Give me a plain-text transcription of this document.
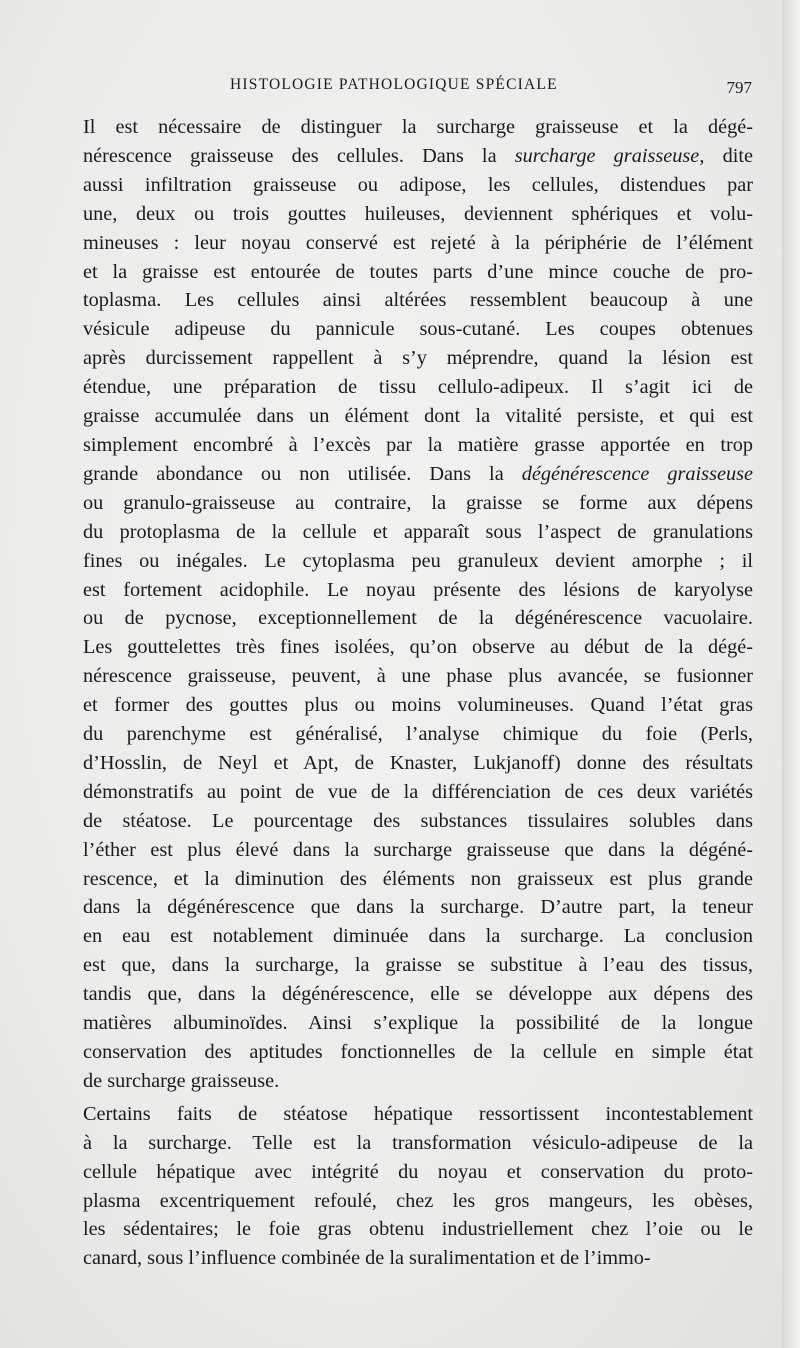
HISTOLOGIE PATHOLOGIQUE SPÉCIALE	797

Il est nécessaire de distinguer la surcharge graisseuse et la dégé-
nérescence graisseuse des cellules. Dans la surcharge graisseuse, dite
aussi infiltration graisseuse ou adipose, les cellules, distendues par
une, deux ou trois gouttes huileuses, deviennent sphériques et volu-
mineuses : leur noyau conservé est rejeté à la périphérie de l’élément
et la graisse est entourée de toutes parts d’une mince couche de pro-
toplasma. Les cellules ainsi altérées ressemblent beaucoup à une
vésicule adipeuse du pannicule sous-cutané. Les coupes obtenues
après durcissement rappellent à s’y méprendre, quand la lésion est
étendue, une préparation de tissu cellulo-adipeux. Il s’agit ici de
graisse accumulée dans un élément dont la vitalité persiste, et qui est
simplement encombré à l’excès par la matière grasse apportée en trop
grande abondance ou non utilisée. Dans la dégénérescence graisseuse
ou granulo-graisseuse au contraire, la graisse se forme aux dépens
du protoplasma de la cellule et apparaît sous l’aspect de granulations
fines ou inégales. Le cytoplasma peu granuleux devient amorphe ; il
est fortement acidophile. Le noyau présente des lésions de karyolyse
ou de pycnose, exceptionnellement de la dégénérescence vacuolaire.
Les gouttelettes très fines isolées, qu’on observe au début de la dégé-
nérescence graisseuse, peuvent, à une phase plus avancée, se fusionner
et former des gouttes plus ou moins volumineuses. Quand l’état gras
du parenchyme est généralisé, l’analyse chimique du foie (Perls,
d’Hosslin, de Neyl et Apt, de Knaster, Lukjanoff) donne des résultats
démonstratifs au point de vue de la différenciation de ces deux variétés
de stéatose. Le pourcentage des substances tissulaires solubles dans
l’éther est plus élevé dans la surcharge graisseuse que dans la dégéné-
rescence, et la diminution des éléments non graisseux est plus grande
dans la dégénérescence que dans la surcharge. D’autre part, la teneur
en eau est notablement diminuée dans la surcharge. La conclusion
est que, dans la surcharge, la graisse se substitue à l’eau des tissus,
tandis que, dans la dégénérescence, elle se développe aux dépens des
matières albuminoïdes. Ainsi s’explique la possibilité de la longue
conservation des aptitudes fonctionnelles de la cellule en simple état
de surcharge graisseuse.

Certains faits de stéatose hépatique ressortissent incontestablement
à la surcharge. Telle est la transformation vésiculo-adipeuse de la
cellule hépatique avec intégrité du noyau et conservation du proto-
plasma excentriquement refoulé, chez les gros mangeurs, les obèses,
les sédentaires; le foie gras obtenu industriellement chez l’oie ou le
canard, sous l’influence combinée de la suralimentation et de l’immo-
